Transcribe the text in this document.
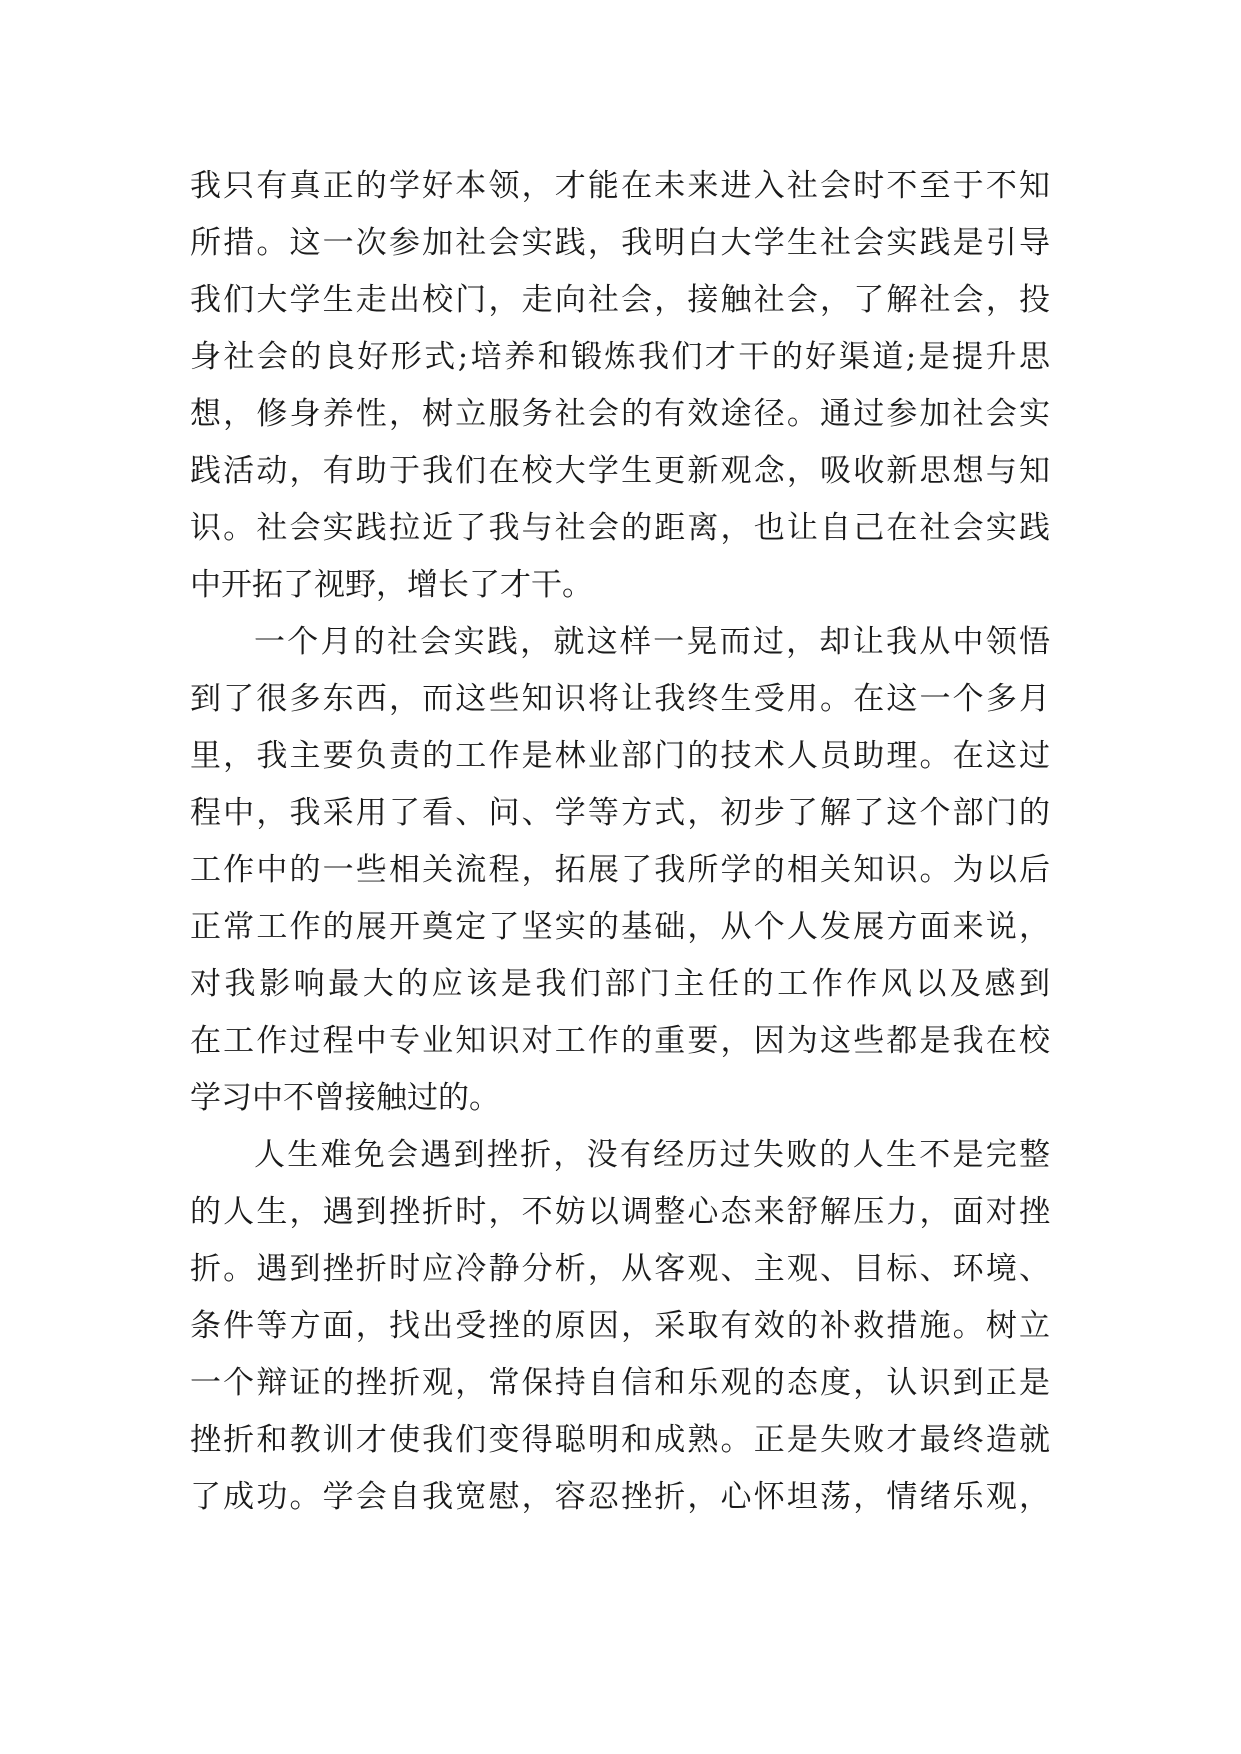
我只有真正的学好本领，才能在未来进入社会时不至于不知
所措。这一次参加社会实践，我明白大学生社会实践是引导
我们大学生走出校门，走向社会，接触社会，了解社会，投
身社会的良好形式;培养和锻炼我们才干的好渠道;是提升思
想，修身养性，树立服务社会的有效途径。通过参加社会实
践活动，有助于我们在校大学生更新观念，吸收新思想与知
识。社会实践拉近了我与社会的距离，也让自己在社会实践
中开拓了视野，增长了才干。
一个月的社会实践，就这样一晃而过，却让我从中领悟
到了很多东西，而这些知识将让我终生受用。在这一个多月
里，我主要负责的工作是林业部门的技术人员助理。在这过
程中，我采用了看、问、学等方式，初步了解了这个部门的
工作中的一些相关流程，拓展了我所学的相关知识。为以后
正常工作的展开奠定了坚实的基础，从个人发展方面来说，
对我影响最大的应该是我们部门主任的工作作风以及感到
在工作过程中专业知识对工作的重要，因为这些都是我在校
学习中不曾接触过的。
人生难免会遇到挫折，没有经历过失败的人生不是完整
的人生，遇到挫折时，不妨以调整心态来舒解压力，面对挫
折。遇到挫折时应冷静分析，从客观、主观、目标、环境、
条件等方面，找出受挫的原因，采取有效的补救措施。树立
一个辩证的挫折观，常保持自信和乐观的态度，认识到正是
挫折和教训才使我们变得聪明和成熟。正是失败才最终造就
了成功。学会自我宽慰，容忍挫折，心怀坦荡，情绪乐观，
